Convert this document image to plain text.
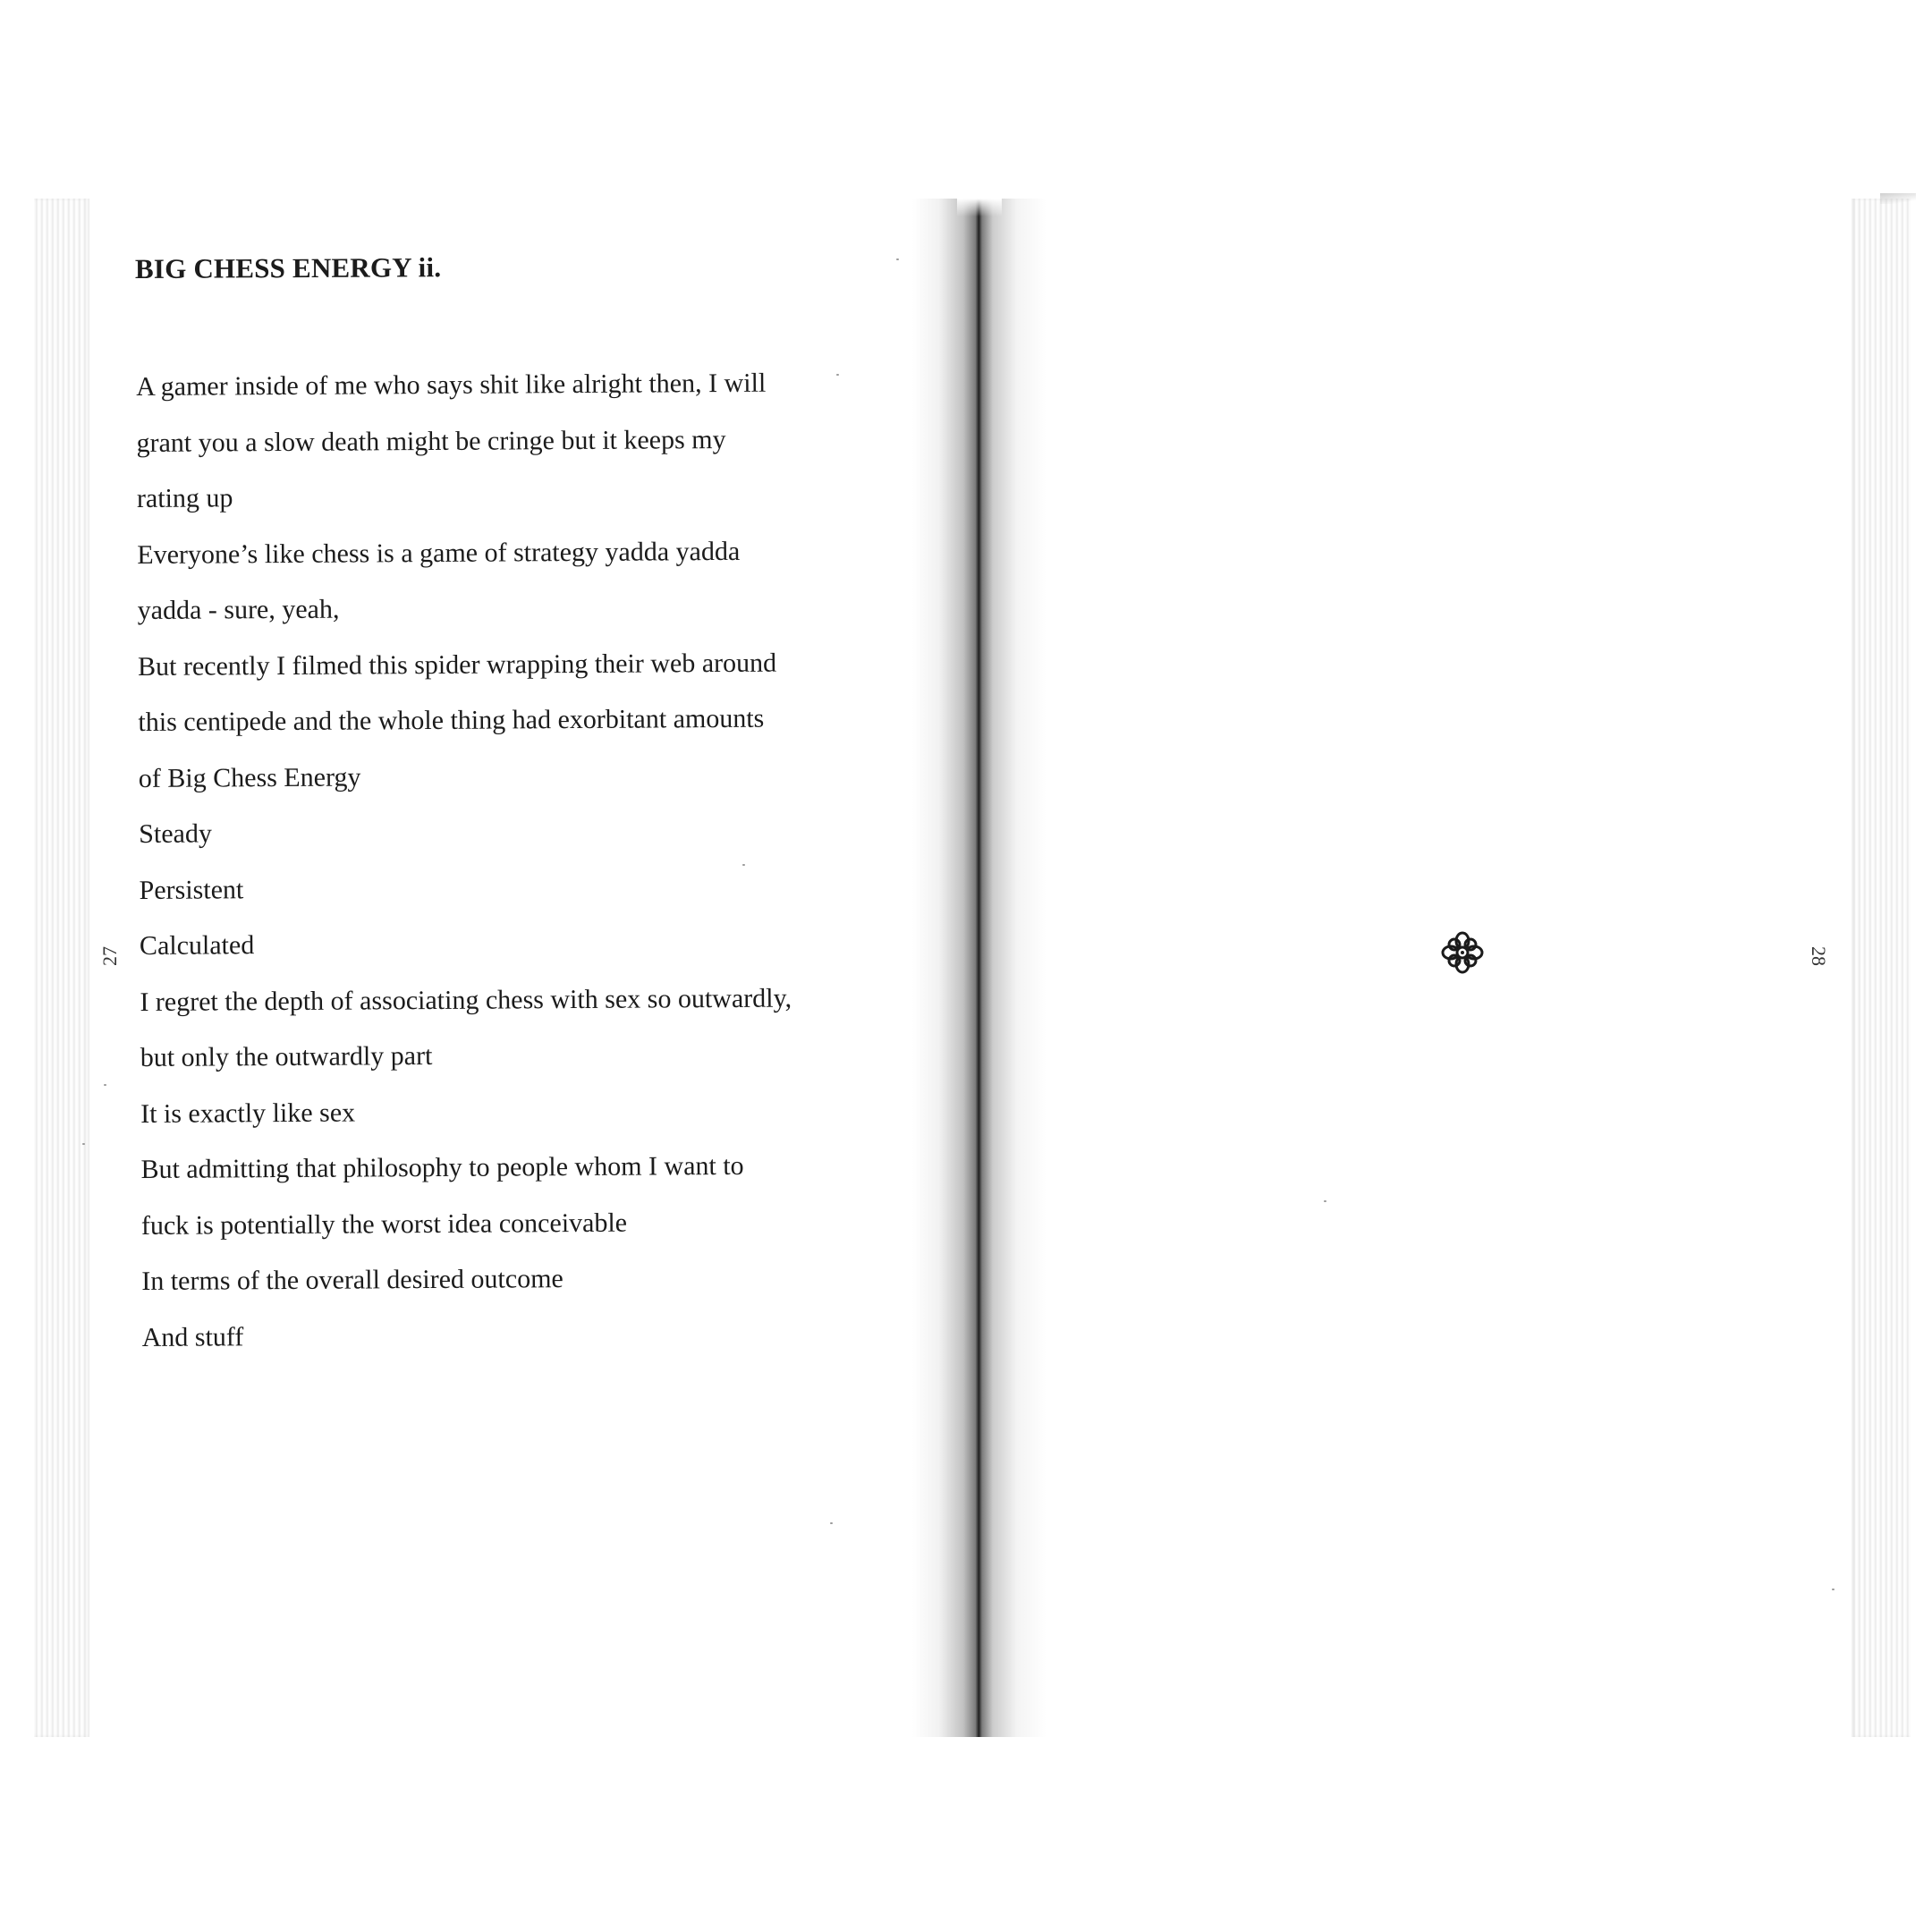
BIG CHESS ENERGY ii.
A gamer inside of me who says shit like alright then, I will
grant you a slow death might be cringe but it keeps my
rating up
Everyone’s like chess is a game of strategy yadda yadda
yadda - sure, yeah,
But recently I filmed this spider wrapping their web around
this centipede and the whole thing had exorbitant amounts
of Big Chess Energy
Steady
Persistent
Calculated
I regret the depth of associating chess with sex so outwardly,
but only the outwardly part
It is exactly like sex
But admitting that philosophy to people whom I want to
fuck is potentially the worst idea conceivable
In terms of the overall desired outcome
And stuff
27	28
